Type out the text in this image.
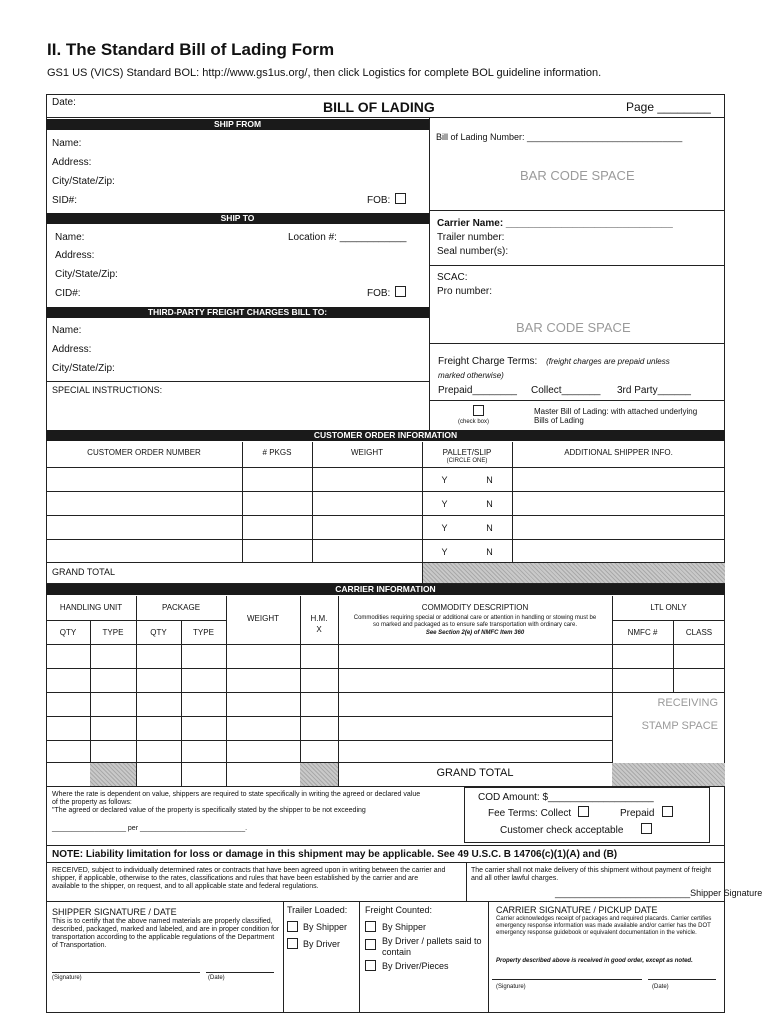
II. The Standard Bill of Lading Form
GS1 US (VICS) Standard BOL: http://www.gs1us.org/, then click Logistics for complete BOL guideline information.
Date:	BILL OF LADING	Page ________
SHIP FROM
Name:
Address:
City/State/Zip:
SID#:	FOB:
Bill of Lading Number: _______________________________
BAR CODE SPACE
SHIP TO
Name:	Location #: ____________
Address:
City/State/Zip:
CID#:	FOB:
Carrier Name: ______________________________
Trailer number:
Seal number(s):
SCAC:
Pro number:
BAR CODE SPACE
THIRD-PARTY FREIGHT CHARGES BILL TO:
Name:
Address:
City/State/Zip:
SPECIAL INSTRUCTIONS:
Freight Charge Terms: (freight charges are prepaid unless
marked otherwise)
Prepaid________ Collect_______ 3rd Party______
(check box)
Master Bill of Lading: with attached underlying
Bills of Lading
CUSTOMER ORDER INFORMATION
CUSTOMER ORDER NUMBER	# PKGS	WEIGHT	PALLET/SLIP	ADDITIONAL SHIPPER INFO.
(CIRCLE ONE)
Y	N
Y	N
Y	N
Y	N
GRAND TOTAL
CARRIER INFORMATION
HANDLING UNIT	PACKAGE
WEIGHT	H.M.
X
COMMODITY DESCRIPTION
Commodities requiring special or additional care or attention in handling or stowing must be so marked and packaged as to ensure safe transportation with ordinary care.
See Section 2(e) of NMFC Item 360
LTL ONLY
QTY	TYPE	QTY	TYPE	NMFC #	CLASS
RECEIVING
STAMP SPACE
GRAND TOTAL
Where the rate is dependent on value, shippers are required to state specifically in writing the agreed or declared value
of the property as follows:
"The agreed or declared value of the property is specifically stated by the shipper to be not exceeding
___________________ per ___________________________.
COD Amount: $___________________
Fee Terms: Collect	Prepaid
Customer check acceptable
NOTE: Liability limitation for loss or damage in this shipment may be applicable. See 49 U.S.C. B 14706(c)(1)(A) and (B)
RECEIVED, subject to individually determined rates or contracts that have been agreed upon in writing between the carrier and shipper, if applicable, otherwise to the rates, classifications and rules that have been established by the carrier and are available to the shipper, on request, and to all applicable state and federal regulations.
The carrier shall not make delivery of this shipment without payment of freight and all other lawful charges.
___________________________Shipper Signature
SHIPPER SIGNATURE / DATE
This is to certify that the above named materials are properly classified, described, packaged, marked and labeled, and are in proper condition for transportation according to the applicable regulations of the Department of Transportation.
(Signature)	(Date)
Trailer Loaded:
By Shipper
By Driver
Freight Counted:
By Shipper
By Driver / pallets said to contain
By Driver/Pieces
CARRIER SIGNATURE / PICKUP DATE
Carrier acknowledges receipt of packages and required placards. Carrier certifies emergency response information was made available and/or carrier has the DOT emergency response guidebook or equivalent documentation in the vehicle.
Property described above is received in good order, except as noted.
(Signature)	(Date)
